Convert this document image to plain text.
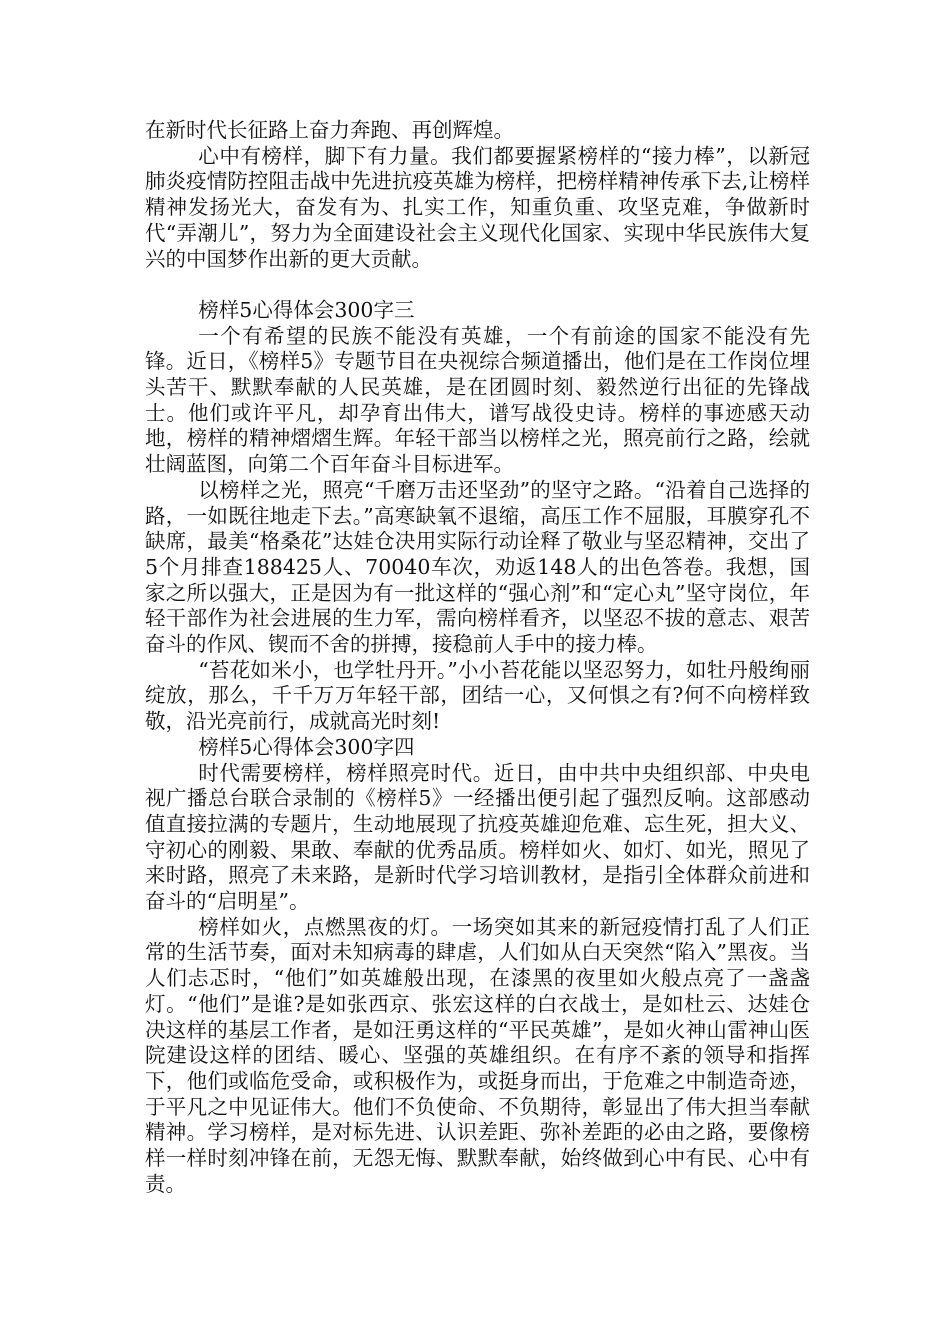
在新时代长征路上奋力奔跑、再创辉煌。

心中有榜样，脚下有力量。我们都要握紧榜样的“接力棒”，以新冠肺炎疫情防控阻击战中先进抗疫英雄为榜样，把榜样精神传承下去,让榜样精神发扬光大，奋发有为、扎实工作，知重负重、攻坚克难，争做新时代“弄潮儿”，努力为全面建设社会主义现代化国家、实现中华民族伟大复兴的中国梦作出新的更大贡献。

榜样5心得体会300字三

一个有希望的民族不能没有英雄，一个有前途的国家不能没有先锋。近日，《榜样5》专题节目在央视综合频道播出，他们是在工作岗位埋头苦干、默默奉献的人民英雄，是在团圆时刻、毅然逆行出征的先锋战士。他们或许平凡，却孕育出伟大，谱写战役史诗。榜样的事迹感天动地，榜样的精神熠熠生辉。年轻干部当以榜样之光，照亮前行之路，绘就壮阔蓝图，向第二个百年奋斗目标进军。

以榜样之光，照亮“千磨万击还坚劲”的坚守之路。“沿着自己选择的路，一如既往地走下去。”高寒缺氧不退缩，高压工作不屈服，耳膜穿孔不缺席，最美“格桑花”达娃仓决用实际行动诠释了敬业与坚忍精神，交出了5个月排查188425人、70040车次，劝返148人的出色答卷。我想，国家之所以强大，正是因为有一批这样的“强心剂”和“定心丸”坚守岗位，年轻干部作为社会进展的生力军，需向榜样看齐，以坚忍不拔的意志、艰苦奋斗的作风、锲而不舍的拼搏，接稳前人手中的接力棒。

“苔花如米小，也学牡丹开。”小小苔花能以坚忍努力，如牡丹般绚丽绽放，那么，千千万万年轻干部，团结一心，又何惧之有?何不向榜样致敬，沿光亮前行，成就高光时刻!

榜样5心得体会300字四

时代需要榜样，榜样照亮时代。近日，由中共中央组织部、中央电视广播总台联合录制的《榜样5》一经播出便引起了强烈反响。这部感动值直接拉满的专题片，生动地展现了抗疫英雄迎危难、忘生死，担大义、守初心的刚毅、果敢、奉献的优秀品质。榜样如火、如灯、如光，照见了来时路，照亮了未来路，是新时代学习培训教材，是指引全体群众前进和奋斗的“启明星”。

榜样如火，点燃黑夜的灯。一场突如其来的新冠疫情打乱了人们正常的生活节奏，面对未知病毒的肆虐，人们如从白天突然“陷入”黑夜。当人们忐忑时，“他们”如英雄般出现，在漆黑的夜里如火般点亮了一盏盏灯。“他们”是谁?是如张西京、张宏这样的白衣战士，是如杜云、达娃仓决这样的基层工作者，是如汪勇这样的“平民英雄”，是如火神山雷神山医院建设这样的团结、暖心、坚强的英雄组织。在有序不紊的领导和指挥下，他们或临危受命，或积极作为，或挺身而出，于危难之中制造奇迹，于平凡之中见证伟大。他们不负使命、不负期待，彰显出了伟大担当奉献精神。学习榜样，是对标先进、认识差距、弥补差距的必由之路，要像榜样一样时刻冲锋在前，无怨无悔、默默奉献，始终做到心中有民、心中有责。
